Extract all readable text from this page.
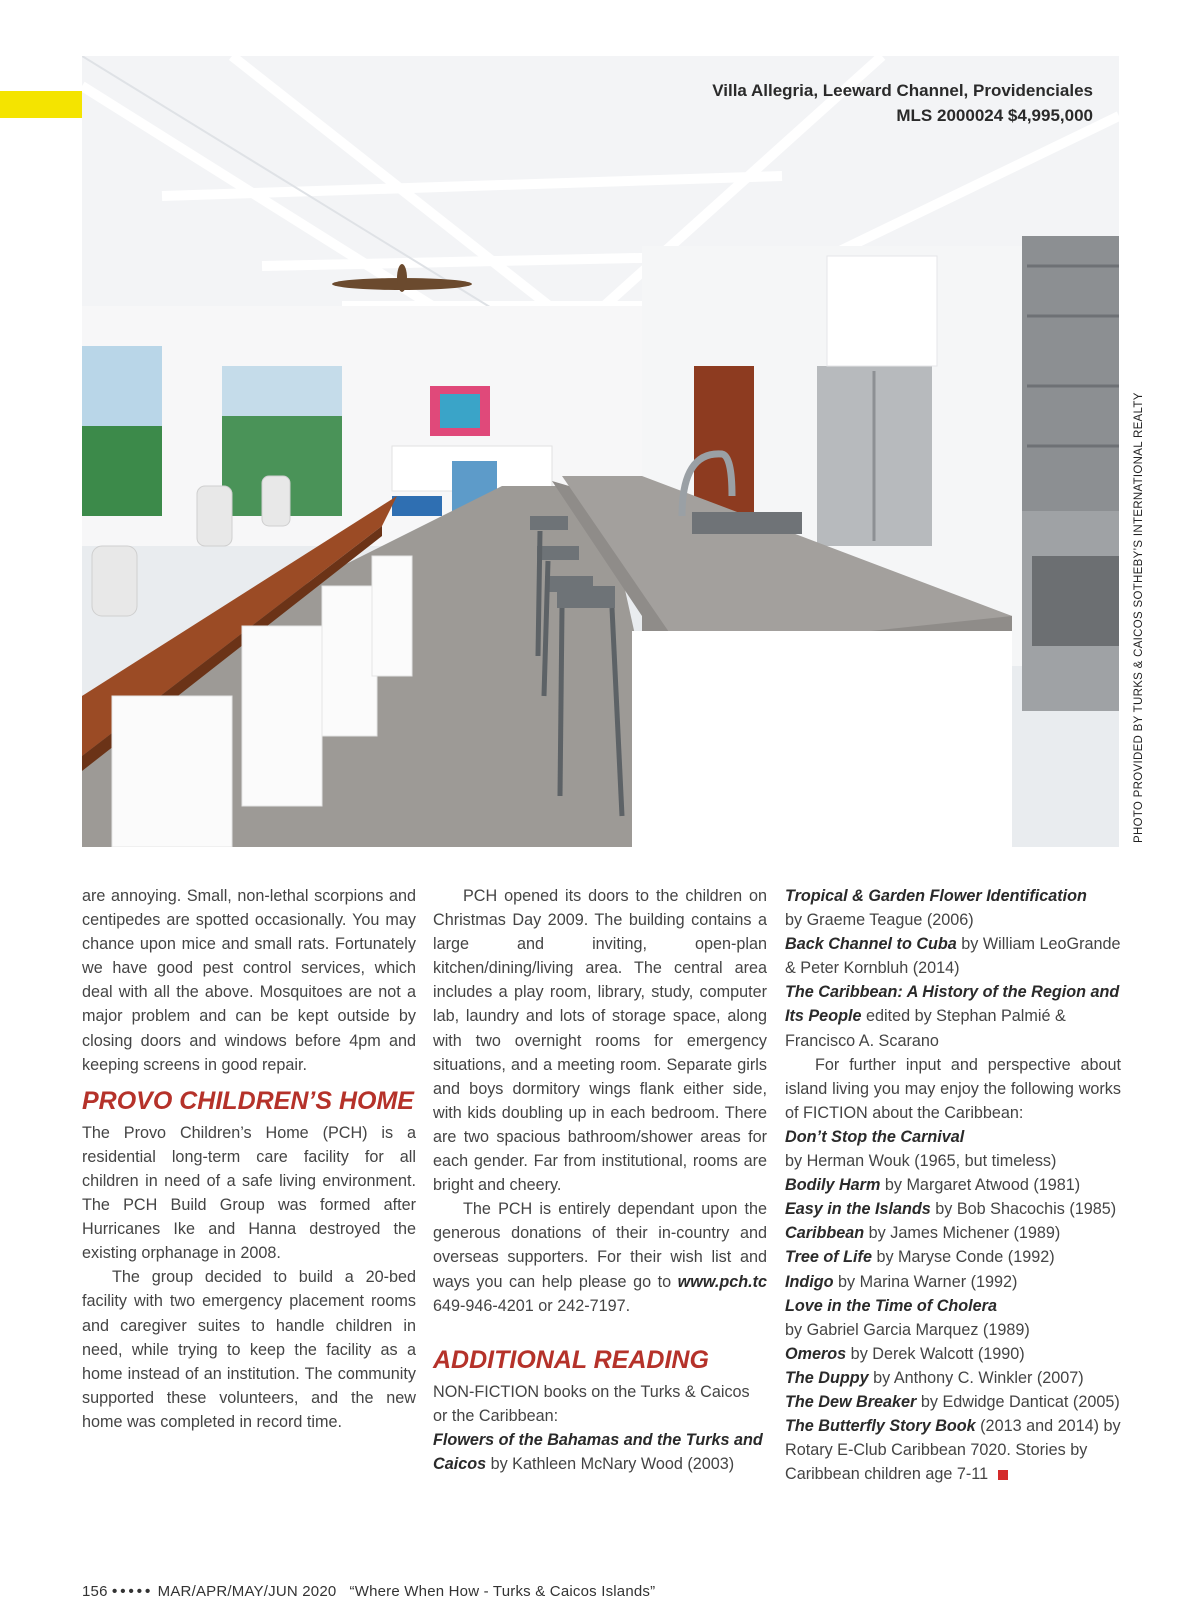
Villa Allegria, Leeward Channel, Providenciales
MLS 2000024 $4,995,000
PHOTO PROVIDED BY TURKS & CAICOS SOTHEBY’S INTERNATIONAL REALTY

are annoying. Small, non-lethal scorpions and centipedes are spotted occasionally. You may chance upon mice and small rats. Fortunately we have good pest control services, which deal with all the above. Mosquitoes are not a major problem and can be kept outside by closing doors and windows before 4pm and keeping screens in good repair.

PROVO CHILDREN’S HOME

The Provo Children’s Home (PCH) is a residential long-term care facility for all children in need of a safe living environment. The PCH Build Group was formed after Hurricanes Ike and Hanna destroyed the existing orphanage in 2008.

The group decided to build a 20-bed facility with two emergency placement rooms and caregiver suites to handle children in need, while trying to keep the facility as a home instead of an institution. The community supported these volunteers, and the new home was completed in record time.

PCH opened its doors to the children on Christmas Day 2009. The building contains a large and inviting, open-plan kitchen/dining/living area. The central area includes a play room, library, study, computer lab, laundry and lots of storage space, along with two overnight rooms for emergency situations, and a meeting room. Separate girls and boys dormitory wings flank either side, with kids doubling up in each bedroom. There are two spacious bathroom/shower areas for each gender. Far from institutional, rooms are bright and cheery.

The PCH is entirely dependant upon the generous donations of their in-country and overseas supporters. For their wish list and ways you can help please go to www.pch.tc 649-946-4201 or 242-7197.

ADDITIONAL READING

NON-FICTION books on the Turks & Caicos or the Caribbean:

Flowers of the Bahamas and the Turks and Caicos by Kathleen McNary Wood (2003)

Tropical & Garden Flower Identification
by Graeme Teague (2006)

Back Channel to Cuba by William LeoGrande & Peter Kornbluh (2014)

The Caribbean: A History of the Region and Its People edited by Stephan Palmié & Francisco A. Scarano

For further input and perspective about island living you may enjoy the following works of FICTION about the Caribbean:

Don’t Stop the Carnival
by Herman Wouk (1965, but timeless)

Bodily Harm by Margaret Atwood (1981)

Easy in the Islands by Bob Shacochis (1985)

Caribbean by James Michener (1989)

Tree of Life by Maryse Conde (1992)

Indigo by Marina Warner (1992)

Love in the Time of Cholera
by Gabriel Garcia Marquez (1989)

Omeros by Derek Walcott (1990)

The Duppy by Anthony C. Winkler (2007)

The Dew Breaker by Edwidge Danticat (2005)

The Butterfly Story Book (2013 and 2014) by Rotary E-Club Caribbean 7020. Stories by Caribbean children age 7-11

156 ••••• MAR/APR/MAY/JUN 2020 “Where When How - Turks & Caicos Islands”
